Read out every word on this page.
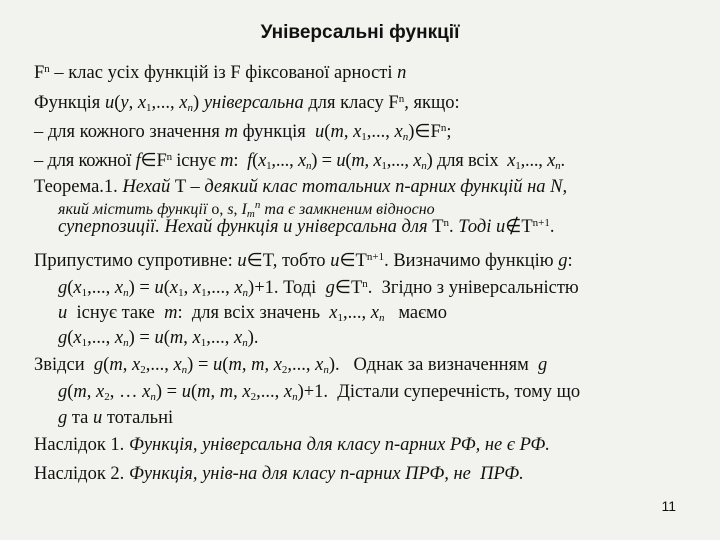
Універсальні функції
$F^n$ – клас усіх функцій із F фіксованої арності n
Функція u(y, $x_1$,..., $x_n$) універсальна для класу $F^n$, якщо:
– для кожного значення m функція  u(m, $x_1$,..., $x_n)\in F^n$;
– для кожної $f\in F^n$ існує m:  $f(x_1$,..., $x_n) = u(m$, $x_1$,..., $x_n$) для всіх  $x_1$,..., $x_n$.
Теорема.1. Нехай T – деякий клас тотальних n-арних функцій на N,
який містить функції o, s, $I_m^n$ та є замкненим відносно
суперпозиції. Нехай функція u універсальна для $T^n$. Тоді $u\notin T^{n+1}$.
Припустимо супротивне: u∈T, тобто $u\in T^{n+1}$. Визначимо функцію g:
$g(x_1$,..., $x_n) = u(x_1$, $x_1$,..., $x_n)+1$. Тоді  $g\in T^n$.  Згідно з універсальністю
u  існує таке  m:  для всіх значень  $x_1$,..., $x_n$   маємо
$g(x_1$,..., $x_n) = u(m$, $x_1$,..., $x_n$).
Звідси  g(m, $x_2$,..., $x_n) = u(m$, m, $x_2$,..., $x_n$).   Однак за визначенням  g
g(m, $x_2$, … $x_n) = u(m$, m, $x_2$,..., $x_n)+1$.  Дістали суперечність, тому що
g та u тотальні
Наслідок 1. Функція, універсальна для класу n-арних РФ, не є РФ.
Наслідок 2. Функція, унів-на для класу n-арних ПРФ, не  ПРФ.
11
